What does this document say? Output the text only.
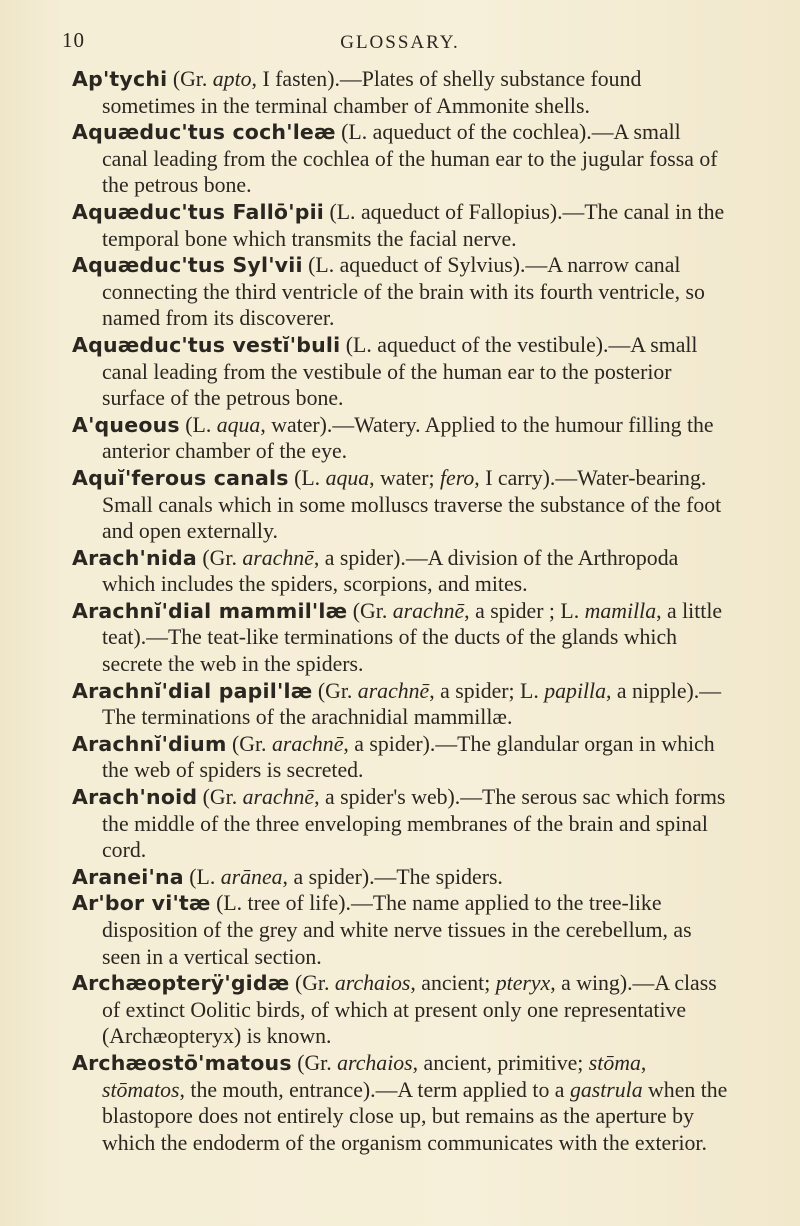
10	GLOSSARY.

Ap'tychi (Gr. apto, I fasten).—Plates of shelly substance found sometimes in the terminal chamber of Ammonite shells.

Aquæduc'tus coch'leæ (L. aqueduct of the cochlea).—A small canal leading from the cochlea of the human ear to the jugular fossa of the petrous bone.

Aquæduc'tus Fallō'pii (L. aqueduct of Fallopius).—The canal in the temporal bone which transmits the facial nerve.

Aquæduc'tus Syl'vii (L. aqueduct of Sylvius).—A narrow canal connecting the third ventricle of the brain with its fourth ventricle, so named from its discoverer.

Aquæduc'tus vestĭ'buli (L. aqueduct of the vestibule).—A small canal leading from the vestibule of the human ear to the posterior surface of the petrous bone.

A'queous (L. aqua, water).—Watery. Applied to the humour filling the anterior chamber of the eye.

Aquĭ'ferous canals (L. aqua, water; fero, I carry).—Water-bearing. Small canals which in some molluscs traverse the substance of the foot and open externally.

Arach'nida (Gr. arachnē, a spider).—A division of the Arthropoda which includes the spiders, scorpions, and mites.

Arachnĭ'dial mammil'læ (Gr. arachnē, a spider ; L. mamilla, a little teat).—The teat-like terminations of the ducts of the glands which secrete the web in the spiders.

Arachnĭ'dial papil'læ (Gr. arachnē, a spider; L. papilla, a nipple).—The terminations of the arachnidial mammillæ.

Arachnĭ'dium (Gr. arachnē, a spider).—The glandular organ in which the web of spiders is secreted.

Arach'noid (Gr. arachnē, a spider's web).—The serous sac which forms the middle of the three enveloping membranes of the brain and spinal cord.

Aranei'na (L. arānea, a spider).—The spiders.

Ar'bor vi'tæ (L. tree of life).—The name applied to the tree-like disposition of the grey and white nerve tissues in the cerebellum, as seen in a vertical section.

Archæopterÿ'gidæ (Gr. archaios, ancient; pteryx, a wing).—A class of extinct Oolitic birds, of which at present only one representative (Archæopteryx) is known.

Archæostō'matous (Gr. archaios, ancient, primitive; stōma, stōmatos, the mouth, entrance).—A term applied to a gastrula when the blastopore does not entirely close up, but remains as the aperture by which the endoderm of the organism communicates with the exterior.
